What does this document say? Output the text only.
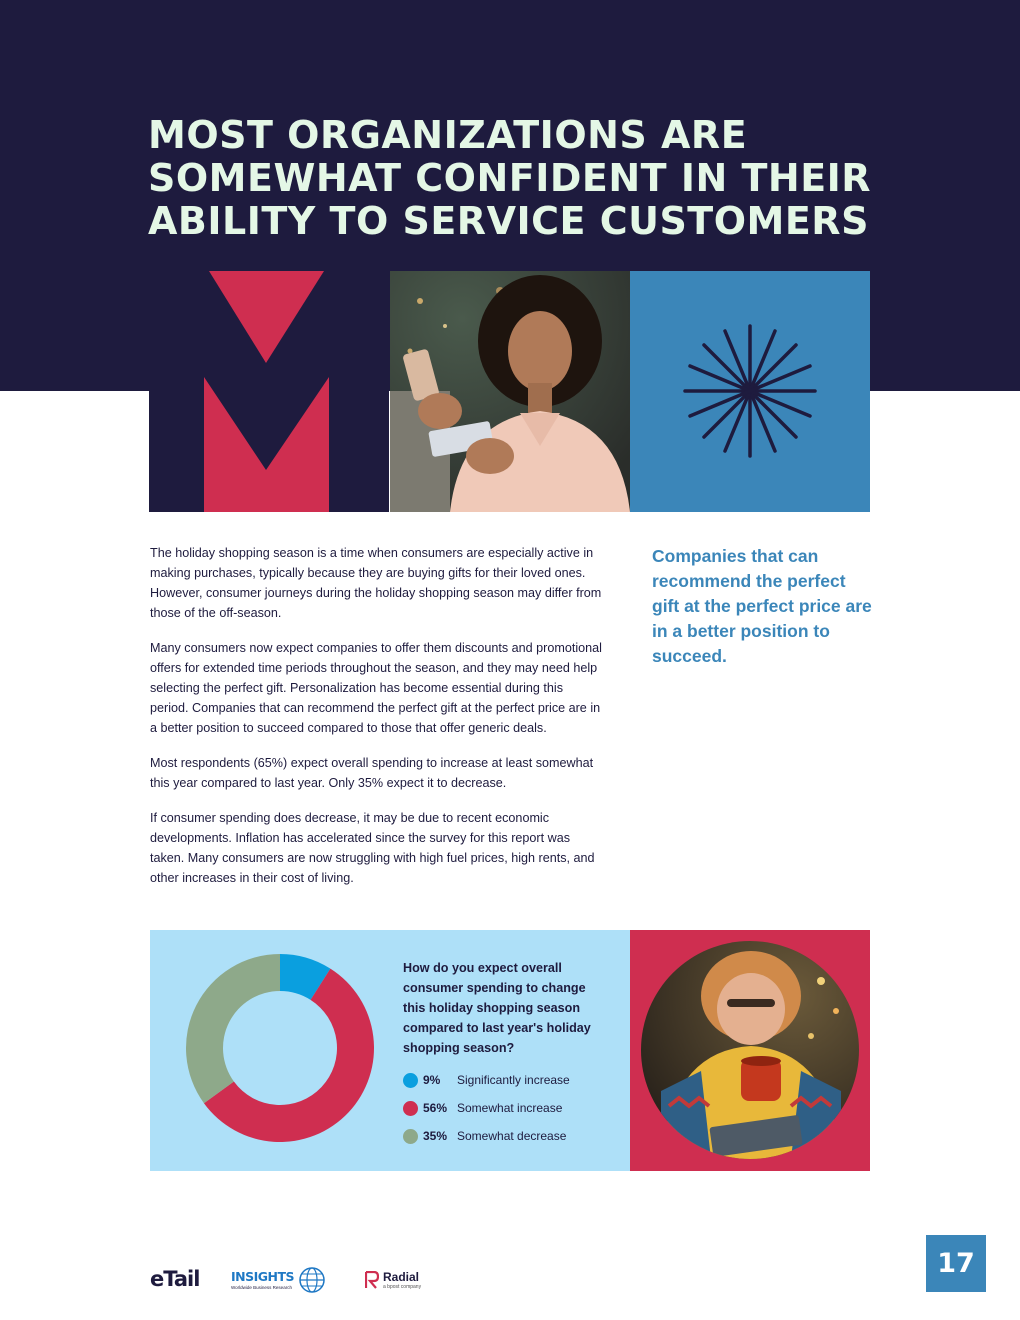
MOST ORGANIZATIONS ARE SOMEWHAT CONFIDENT IN THEIR ABILITY TO SERVICE CUSTOMERS

The holiday shopping season is a time when consumers are especially active in making purchases, typically because they are buying gifts for their loved ones. However, consumer journeys during the holiday shopping season may differ from those of the off-season.

Many consumers now expect companies to offer them discounts and promotional offers for extended time periods throughout the season, and they may need help selecting the perfect gift. Personalization has become essential during this period. Companies that can recommend the perfect gift at the perfect price are in a better position to succeed compared to those that offer generic deals.

Most respondents (65%) expect overall spending to increase at least somewhat this year compared to last year. Only 35% expect it to decrease.

If consumer spending does decrease, it may be due to recent economic developments. Inflation has accelerated since the survey for this report was taken. Many consumers are now struggling with high fuel prices, high rents, and other increases in their cost of living.

Companies that can recommend the perfect gift at the perfect price are in a better position to succeed.
How do you expect overall consumer spending to change this holiday shopping season compared to last year's holiday shopping season?
9%	Significantly increase
56% Somewhat increase
35% Somewhat decrease
eTail	INSIGHTS
Worldwide Business Research
Radial
a bpost company
17
